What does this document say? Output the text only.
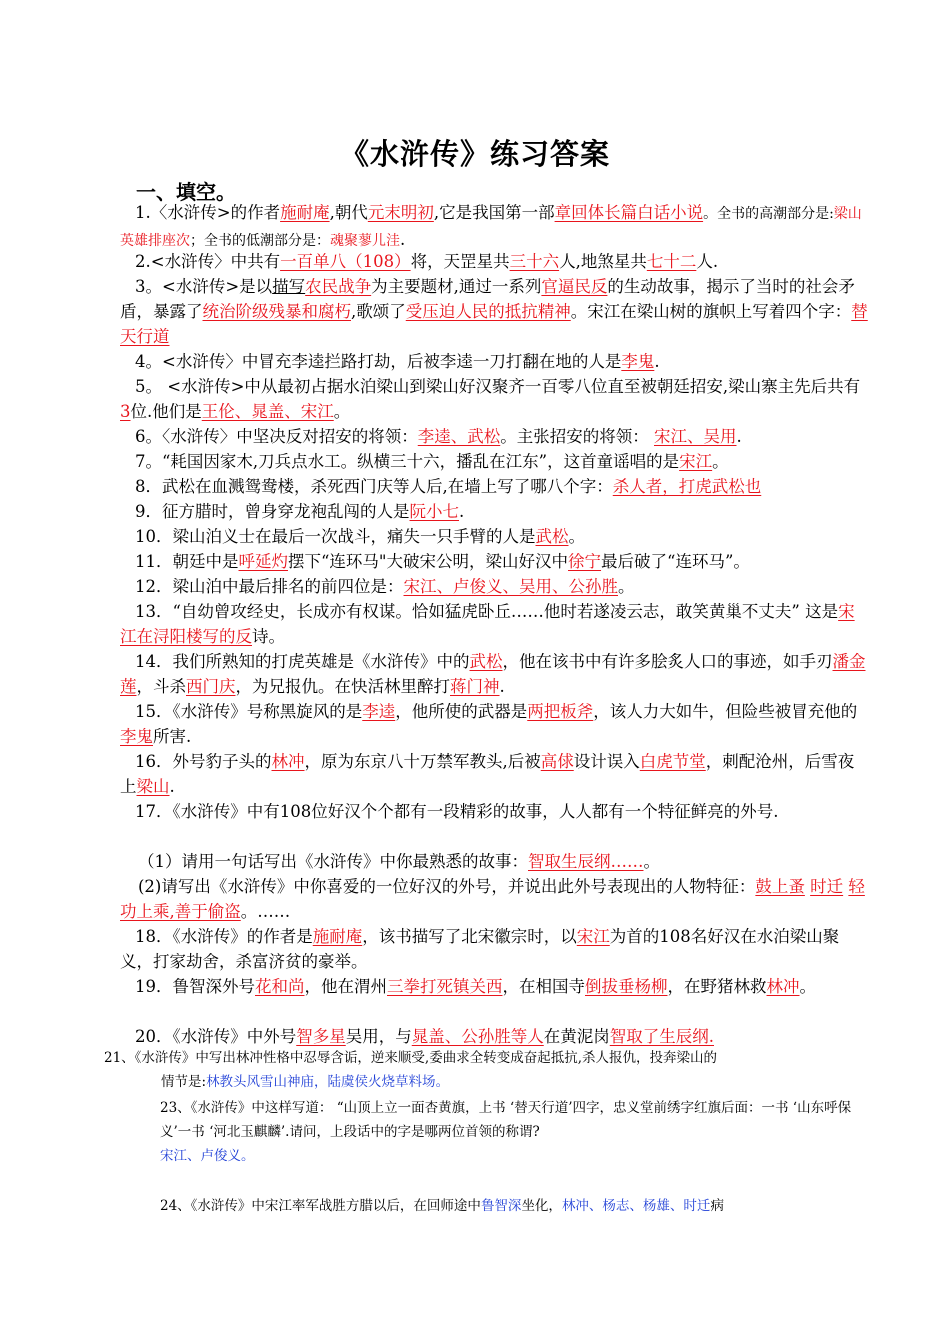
《水浒传》练习答案
一、填空。
1.〈水浒传>的作者施耐庵,朝代元末明初,它是我国第一部章回体长篇白话小说。全书的高潮部分是:梁山英雄排座次；全书的低潮部分是：魂聚蓼儿洼.
2.<水浒传〉中共有一百单八（108）将，天罡星共三十六人,地煞星共七十二人.
3。<水浒传>是以描写农民战争为主要题材,通过一系列官逼民反的生动故事，揭示了当时的社会矛盾，暴露了统治阶级残暴和腐朽,歌颂了受压迫人民的抵抗精神。宋江在梁山树的旗帜上写着四个字：替天行道
4。<水浒传〉中冒充李逵拦路打劫，后被李逵一刀打翻在地的人是李鬼.
5。 <水浒传>中从最初占据水泊梁山到梁山好汉聚齐一百零八位直至被朝廷招安,梁山寨主先后共有3位.他们是王伦、晁盖、宋江。
6。〈水浒传〉中坚决反对招安的将领：李逵、武松。主张招安的将领： 宋江、吴用.
7。“耗国因家木,刀兵点水工。纵横三十六，播乱在江东”，这首童谣唱的是宋江。
8．武松在血溅鸳鸯楼，杀死西门庆等人后,在墙上写了哪八个字：杀人者，打虎武松也
9．征方腊时，曾身穿龙袍乱闯的人是阮小七.
10．梁山泊义士在最后一次战斗，痛失一只手臂的人是武松。
11．朝廷中是呼延灼摆下“连环马"大破宋公明，梁山好汉中徐宁最后破了“连环马”。
12．梁山泊中最后排名的前四位是：宋江、卢俊义、吴用、公孙胜。
13．“自幼曾攻经史，长成亦有权谋。恰如猛虎卧丘……他时若遂凌云志，敢笑黄巢不丈夫” 这是宋江在浔阳楼写的反诗。
14．我们所熟知的打虎英雄是《水浒传》中的武松，他在该书中有许多脍炙人口的事迹，如手刃潘金莲，斗杀西门庆，为兄报仇。在快活林里醉打蒋门神.
15．《水浒传》号称黑旋风的是李逵，他所使的武器是两把板斧，该人力大如牛，但险些被冒充他的李鬼所害.
16．外号豹子头的林冲，原为东京八十万禁军教头,后被高俅设计误入白虎节堂，刺配沧州，后雪夜上梁山.
17．《水浒传》中有108位好汉个个都有一段精彩的故事，人人都有一个特征鲜亮的外号.
（1）请用一句话写出《水浒传》中你最熟悉的故事：智取生辰纲……。
(2)请写出《水浒传》中你喜爱的一位好汉的外号，并说出此外号表现出的人物特征：鼓上蚤 时迁 轻功上乘,善于偷盗。……
18．《水浒传》的作者是施耐庵，该书描写了北宋徽宗时，以宋江为首的108名好汉在水泊梁山聚义，打家劫舍，杀富济贫的豪举。
19．鲁智深外号花和尚，他在渭州三拳打死镇关西，在相国寺倒拔垂杨柳，在野猪林救林冲。
20．《水浒传》中外号智多星吴用，与晁盖、公孙胜等人在黄泥岗智取了生辰纲.
21、《水浒传》中写出林冲性格中忍辱含诟，逆来顺受,委曲求全转变成奋起抵抗,杀人报仇，投奔梁山的
情节是:林教头风雪山神庙，陆虞侯火烧草料场。
23、《水浒传》中这样写道： “山顶上立一面杏黄旗，上书 ‘替天行道’四字，忠义堂前绣字红旗后面：一书 ‘山东呼保义’一书 ‘河北玉麒麟’.请问，上段话中的字是哪两位首领的称谓?
宋江、卢俊义。
24、《水浒传》中宋江率军战胜方腊以后，在回师途中鲁智深坐化，林冲、杨志、杨雄、时迁病
